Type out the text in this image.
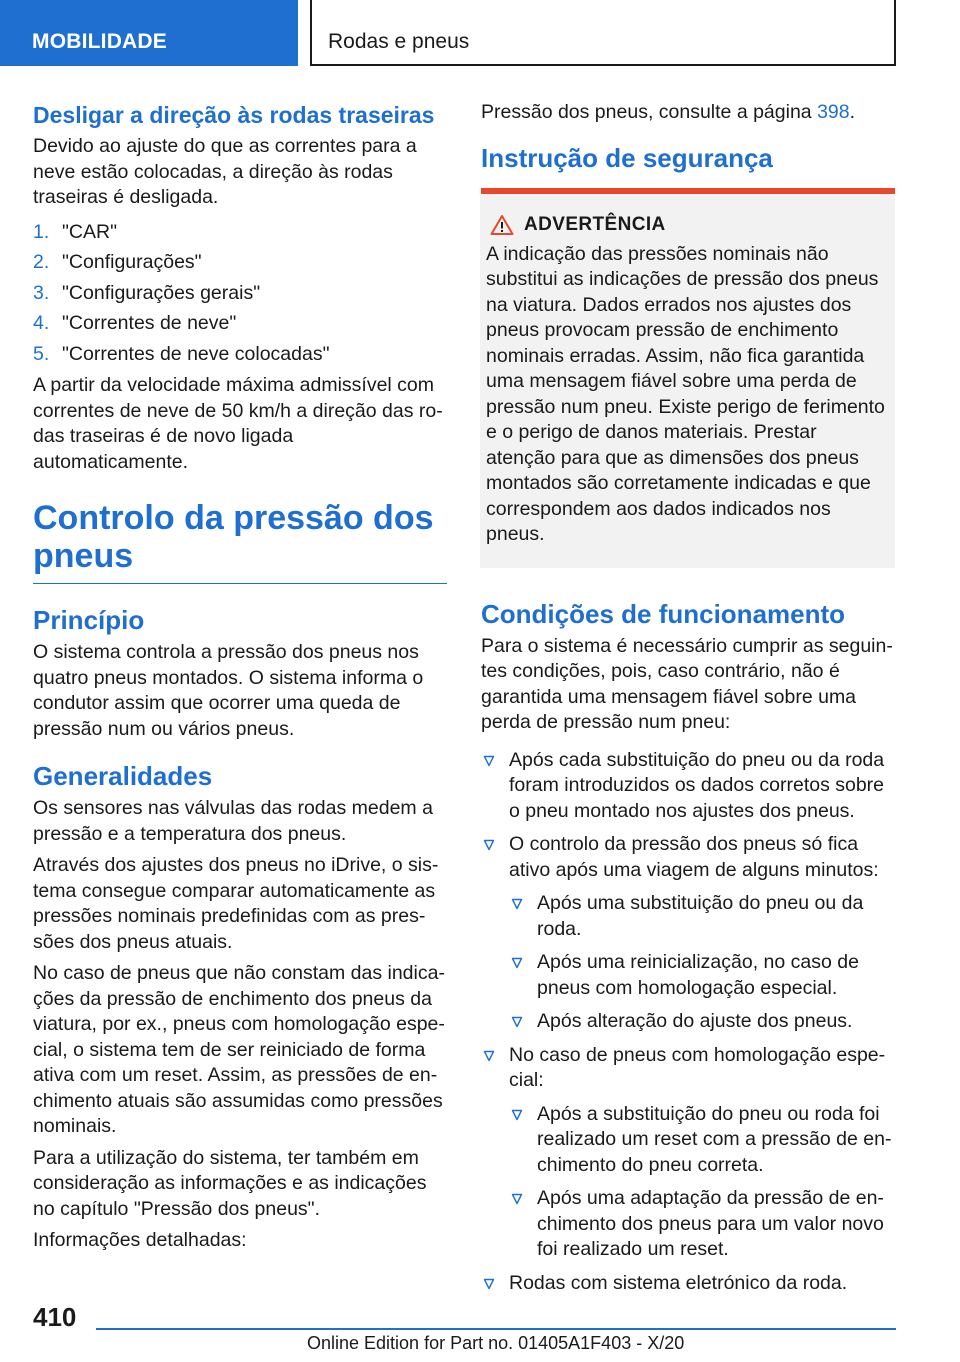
MOBILIDADE	Rodas e pneus
Desligar a direção às rodas traseiras

Devido ao ajuste do que as correntes para a neve estão colocadas, a direção às rodas traseiras é desligada.

1. "CAR"
2. "Configurações"
3. "Configurações gerais"
4. "Correntes de neve"
5. "Correntes de neve colocadas"

A partir da velocidade máxima admissível com correntes de neve de 50 km/h a direção das rodas traseiras é de novo ligada automaticamente.

Controlo da pressão dos pneus
Princípio

O sistema controla a pressão dos pneus nos quatro pneus montados. O sistema informa o condutor assim que ocorrer uma queda de pressão num ou vários pneus.

Generalidades

Os sensores nas válvulas das rodas medem a pressão e a temperatura dos pneus.

Através dos ajustes dos pneus no iDrive, o sistema consegue comparar automaticamente as pressões nominais predefinidas com as pressões dos pneus atuais.

No caso de pneus que não constam das indicações da pressão de enchimento dos pneus da viatura, por ex., pneus com homologação especial, o sistema tem de ser reiniciado de forma ativa com um reset. Assim, as pressões de enchimento atuais são assumidas como pressões nominais.

Para a utilização do sistema, ter também em consideração as informações e as indicações no capítulo "Pressão dos pneus".

Informações detalhadas:

Pressão dos pneus, consulte a página 398.

Instrução de segurança
ADVERTÊNCIA

A indicação das pressões nominais não substitui as indicações de pressão dos pneus na viatura. Dados errados nos ajustes dos pneus provocam pressão de enchimento nominais erradas. Assim, não fica garantida uma mensagem fiável sobre uma perda de pressão num pneu. Existe perigo de ferimento e o perigo de danos materiais. Prestar atenção para que as dimensões dos pneus montados são corretamente indicadas e que correspondem aos dados indicados nos pneus.

Condições de funcionamento

Para o sistema é necessário cumprir as seguintes condições, pois, caso contrário, não é garantida uma mensagem fiável sobre uma perda de pressão num pneu:

Após cada substituição do pneu ou da roda foram introduzidos os dados corretos sobre o pneu montado nos ajustes dos pneus.
O controlo da pressão dos pneus só fica ativo após uma viagem de alguns minutos:
Após uma substituição do pneu ou da roda.
Após uma reinicialização, no caso de pneus com homologação especial.
Após alteração do ajuste dos pneus.
No caso de pneus com homologação especial:
Após a substituição do pneu ou roda foi realizado um reset com a pressão de enchimento do pneu correta.
Após uma adaptação da pressão de enchimento dos pneus para um valor novo foi realizado um reset.
Rodas com sistema eletrónico da roda.
410
Online Edition for Part no. 01405A1F403 - X/20
